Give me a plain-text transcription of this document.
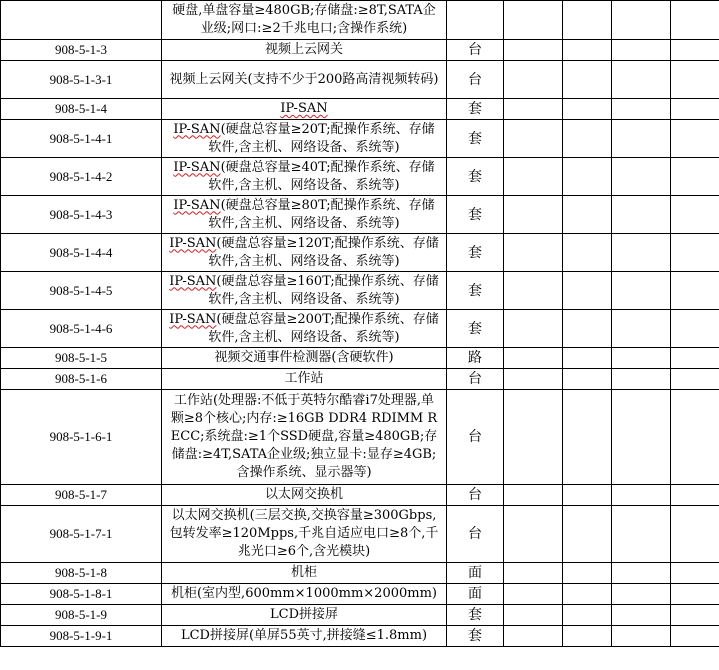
	硬盘,单盘容量≥480GB;存储盘:≥8T,SATA企业级;网口:≥2千兆电口;含操作系统)					
908-5-1-3	视频上云网关	台				
908-5-1-3-1	视频上云网关(支持不少于200路高清视频转码)	台				
908-5-1-4	IP-SAN	套				
908-5-1-4-1	IP-SAN(硬盘总容量≥20T;配操作系统、存储软件,含主机、网络设备、系统等)	套				
908-5-1-4-2	IP-SAN(硬盘总容量≥40T;配操作系统、存储软件,含主机、网络设备、系统等)	套				
908-5-1-4-3	IP-SAN(硬盘总容量≥80T;配操作系统、存储软件,含主机、网络设备、系统等)	套				
908-5-1-4-4	IP-SAN(硬盘总容量≥120T;配操作系统、存储软件,含主机、网络设备、系统等)	套				
908-5-1-4-5	IP-SAN(硬盘总容量≥160T;配操作系统、存储软件,含主机、网络设备、系统等)	套				
908-5-1-4-6	IP-SAN(硬盘总容量≥200T;配操作系统、存储软件,含主机、网络设备、系统等)	套				
908-5-1-5	视频交通事件检测器(含硬软件)	路				
908-5-1-6	工作站	台				
908-5-1-6-1	工作站(处理器:不低于英特尔酷睿i7处理器,单颗≥8个核心;内存:≥16GB DDR4 RDIMM RECC;系统盘:≥1个SSD硬盘,容量≥480GB;存储盘:≥4T,SATA企业级;独立显卡:显存≥4GB;含操作系统、显示器等)	台				
908-5-1-7	以太网交换机	台				
908-5-1-7-1	以太网交换机(三层交换,交换容量≥300Gbps,包转发率≥120Mpps,千兆自适应电口≥8个,千兆光口≥6个,含光模块)	台				
908-5-1-8	机柜	面				
908-5-1-8-1	机柜(室内型,600mm×1000mm×2000mm)	面				
908-5-1-9	LCD拼接屏	套				
908-5-1-9-1	LCD拼接屏(单屏55英寸,拼接缝≤1.8mm)	套				
